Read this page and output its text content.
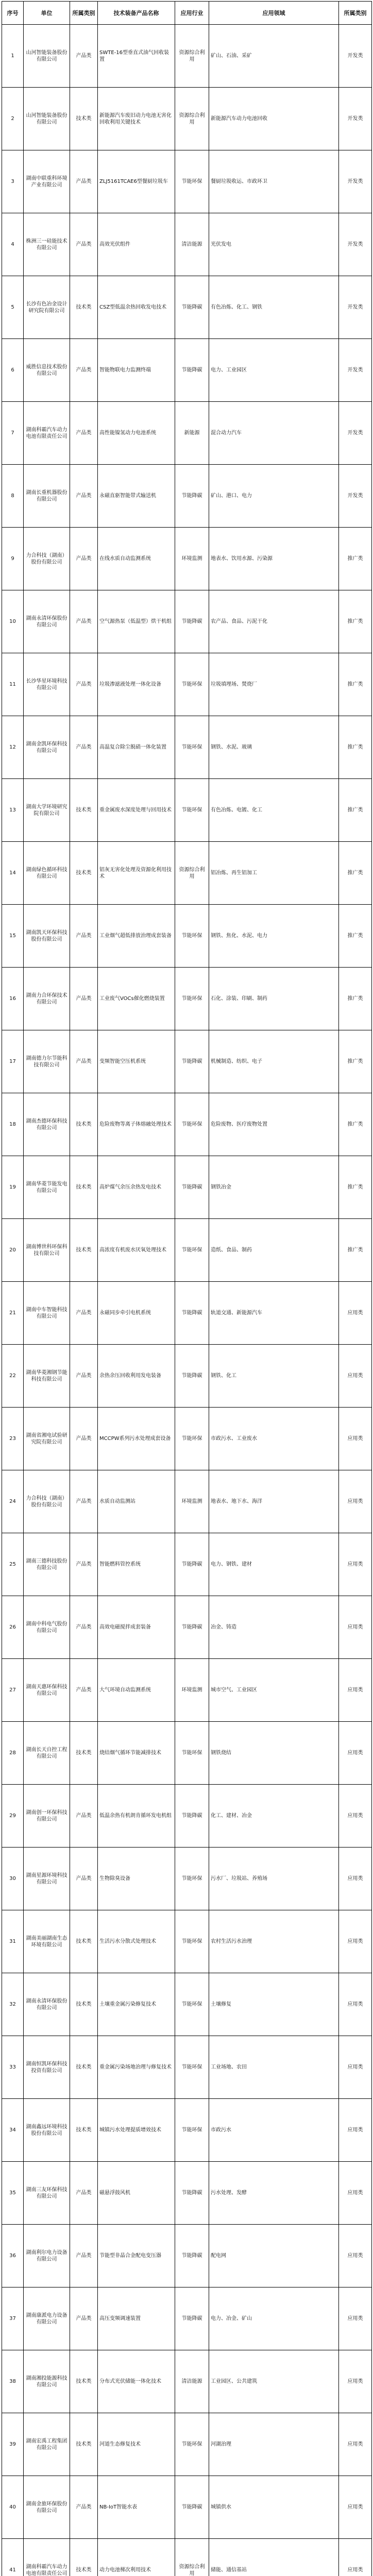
序号	单位	所属类别	技术装备产品名称	应用行业	应用领域	所属类别
1	山河智能装备股份有限公司	产品类	SWTE-16型垂直式油气回收装置	资源综合利用	矿山、石油、采矿	开发类
2	山河智能装备股份有限公司	技术类	新能源汽车废旧动力电池无害化回收利用关键技术	资源综合利用	新能源汽车动力电池回收	开发类
3	湖南中联重科环境产业有限公司	产品类	ZLJ5161TCAE6型餐厨垃圾车	节能环保	餐厨垃圾收运、市政环卫	开发类
4	株洲三一硅能技术有限公司	产品类	高效光伏组件	清洁能源	光伏发电	开发类
5	长沙有色冶金设计研究院有限公司	技术类	CSZ型低温余热回收发电技术	节能降碳	有色冶炼、化工、钢铁	开发类
6	威胜信息技术股份有限公司	产品类	智能物联电力监测终端	节能降碳	电力、工业园区	开发类
7	湖南科霸汽车动力电池有限责任公司	产品类	高性能镍氢动力电池系统	新能源	混合动力汽车	开发类
8	湖南长重机器股份有限公司	产品类	永磁直驱智能带式输送机	节能降碳	矿山、港口、电力	开发类
9	力合科技（湖南）股份有限公司	产品类	在线水质自动监测系统	环境监测	地表水、饮用水源、污染源	推广类
10	湖南永清环保股份有限公司	产品类	空气源热泵（低温型）烘干机组	节能降碳	农产品、食品、污泥干化	推广类
11	长沙华星环境科技有限公司	产品类	垃圾渗滤液处理一体化设备	节能环保	垃圾填埋场、焚烧厂	推广类
12	湖南金凯环保科技有限公司	产品类	高温复合除尘脱硝一体化装置	节能环保	钢铁、水泥、玻璃	推广类
13	湖南大学环境研究院有限公司	技术类	重金属废水深度处理与回用技术	节能环保	有色冶炼、电镀、化工	推广类
14	湖南绿色循环科技有限公司	技术类	铝灰无害化处理及资源化利用技术	资源综合利用	铝冶炼、再生铝加工	推广类
15	湖南凯天环保科技股份有限公司	产品类	工业烟气超低排放治理成套装备	节能环保	钢铁、焦化、水泥、电力	推广类
16	湖南力合环保技术有限公司	产品类	工业废气VOCs催化燃烧装置	节能环保	石化、涂装、印刷、制药	推广类
17	湖南德力尔节能科技有限公司	产品类	变频智能空压机系统	节能降碳	机械制造、纺织、电子	推广类
18	湖南杰德环保科技有限公司	技术类	危险废物等离子体熔融处理技术	节能环保	危险废物、医疗废物处置	推广类
19	湖南华菱节能发电有限公司	技术类	高炉煤气余压余热发电技术	节能降碳	钢铁冶金	推广类
20	湖南博世科环保科技有限公司	技术类	高浓度有机废水厌氧处理技术	节能环保	造纸、食品、制药	推广类
21	湖南中车智能科技有限公司	产品类	永磁同步牵引电机系统	节能降碳	轨道交通、新能源汽车	应用类
22	湖南华菱湘钢节能科技有限公司	产品类	余热余压回收利用发电装备	节能降碳	钢铁、化工	应用类
23	湖南省湘电试验研究院有限公司	产品类	MCCPW系列污水处理成套设备	节能环保	市政污水、工业废水	应用类
24	力合科技（湖南）股份有限公司	产品类	水质自动监测站	环境监测	地表水、地下水、海洋	应用类
25	湖南三德科技股份有限公司	产品类	智能燃料管控系统	节能降碳	电力、钢铁、建材	应用类
26	湖南中科电气股份有限公司	产品类	高效电磁搅拌成套装备	节能降碳	冶金、铸造	应用类
27	湖南天惠环保科技有限公司	产品类	大气环境自动监测系统	环境监测	城市空气、工业园区	应用类
28	湖南长天自控工程有限公司	技术类	烧结烟气循环节能减排技术	节能环保	钢铁烧结	应用类
29	湖南创一环保科技有限公司	产品类	低温余热有机朗肯循环发电机组	节能降碳	化工、建材、冶金	应用类
30	湖南星源环境科技有限公司	产品类	生物除臭设备	节能环保	污水厂、垃圾站、养殖场	应用类
31	湖南美丽湖南生态环境有限公司	技术类	生活污水分散式处理技术	节能环保	农村生活污水治理	应用类
32	湖南永清环保股份有限公司	技术类	土壤重金属污染修复技术	节能环保	土壤修复	应用类
33	湖南恒凯环保科技投资有限公司	技术类	重金属污染场地治理与修复技术	节能环保	工业场地、农田	应用类
34	湖南鑫远环境科技股份有限公司	技术类	城镇污水处理提质增效技术	节能环保	市政污水	应用类
35	湖南三友环保科技有限公司	产品类	磁悬浮鼓风机	节能降碳	污水处理、发酵	应用类
36	湖南利尔电力设备有限公司	产品类	节能型非晶合金配电变压器	节能降碳	配电网	应用类
37	湖南康派电力设备有限公司	产品类	高压变频调速装置	节能降碳	电力、冶金、矿山	应用类
38	湖南湘投能源科技有限公司	技术类	分布式光伏储能一体化技术	清洁能源	工业园区、公共建筑	应用类
39	湖南宏禹工程集团有限公司	技术类	河道生态修复技术	节能环保	河湖治理	应用类
40	湖南金旅环保股份有限公司	产品类	NB-IoT智能水表	节能降碳	城镇供水	应用类
41	湖南科霸汽车动力电池有限责任公司	技术类	动力电池梯次利用技术	资源综合利用	储能、通信基站	应用类
